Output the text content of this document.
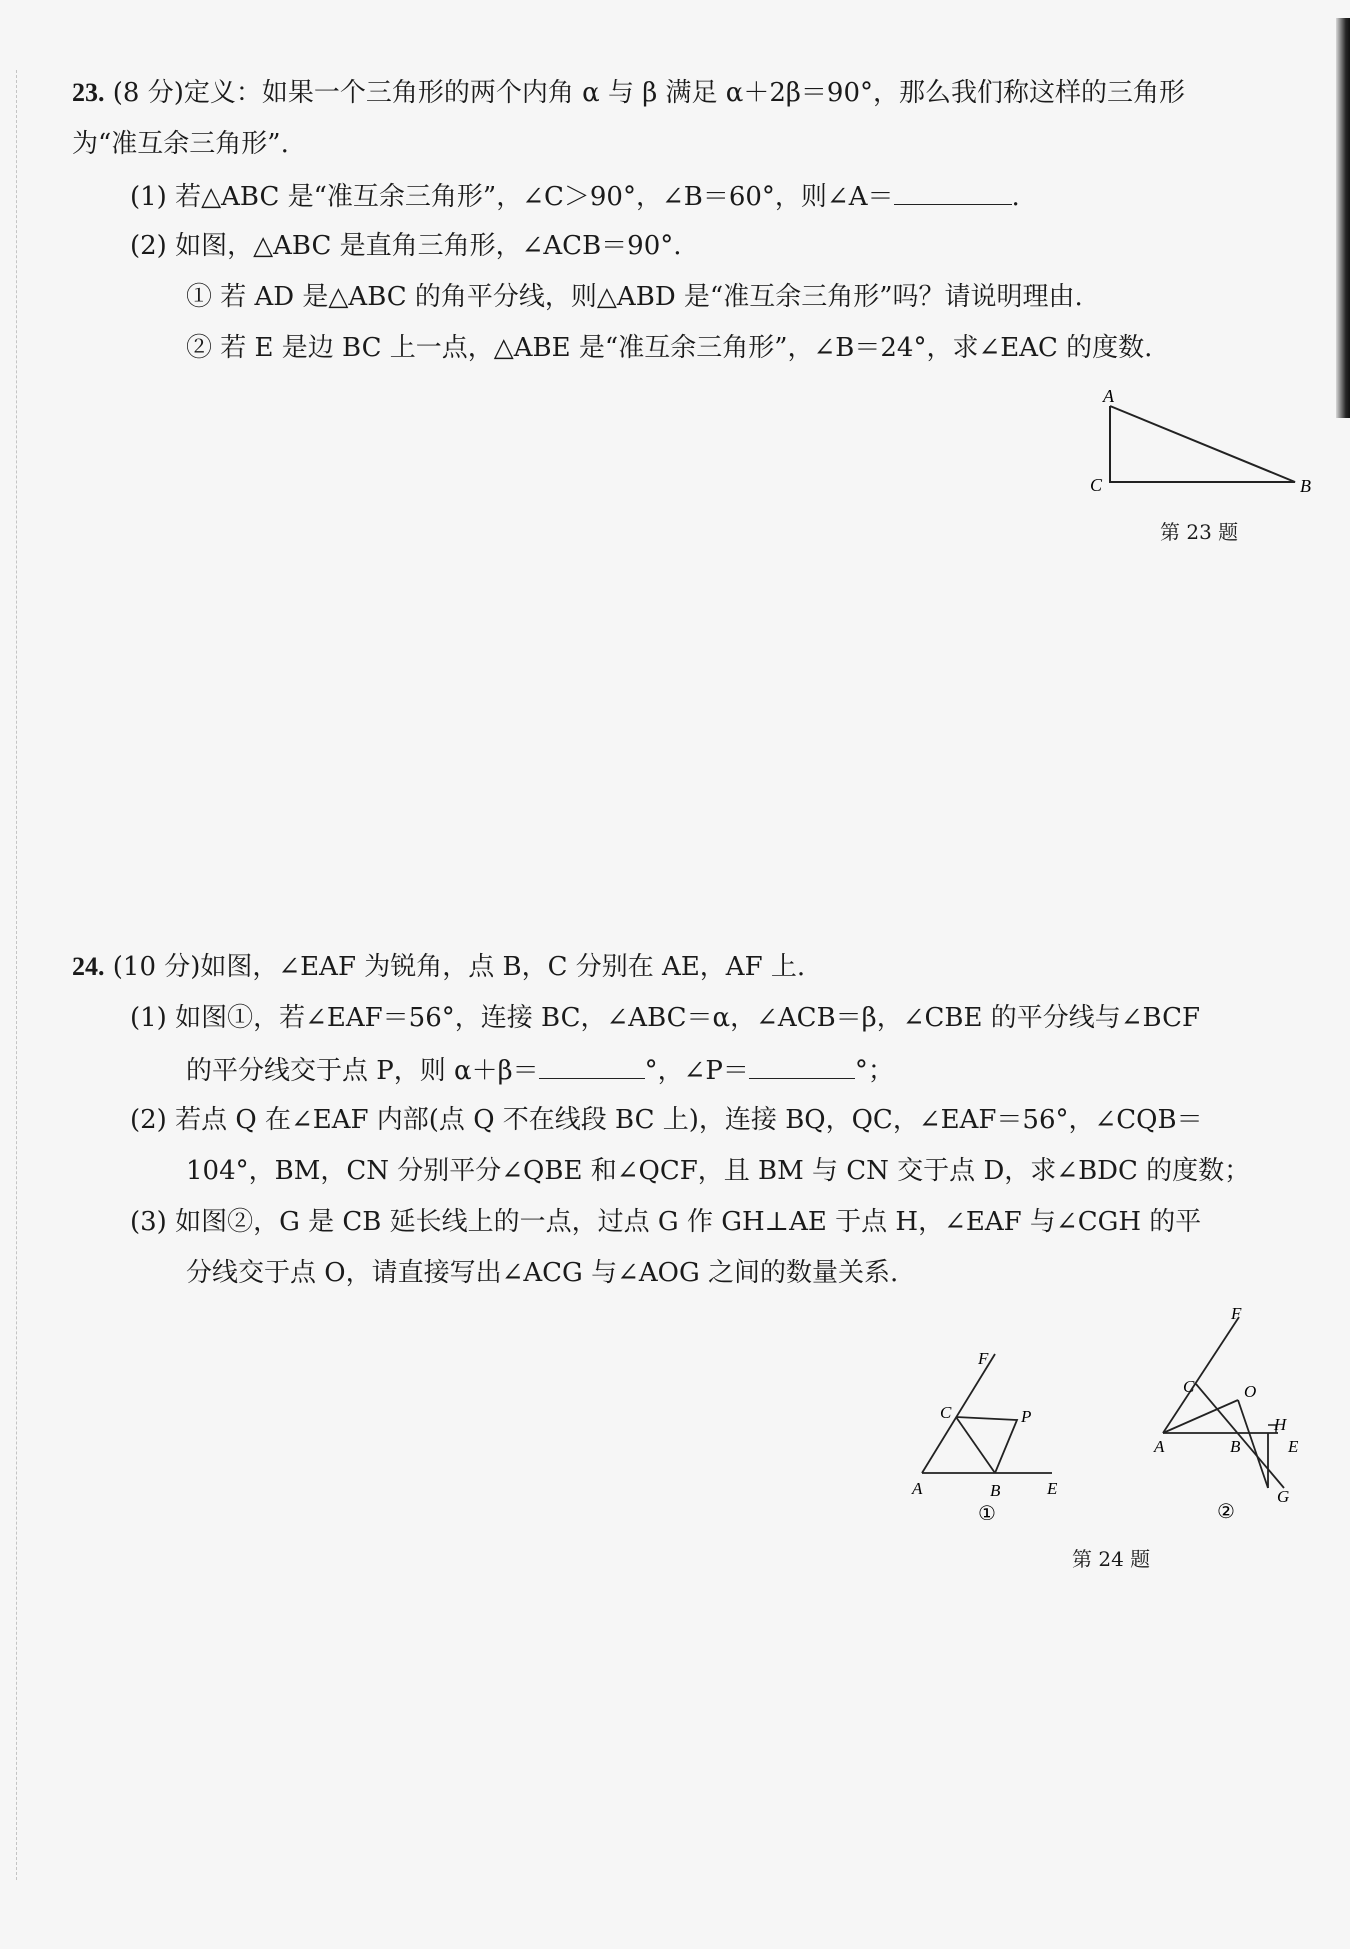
23. (8 分)定义：如果一个三角形的两个内角 α 与 β 满足 α＋2β＝90°，那么我们称这样的三角形
为“准互余三角形”.
(1) 若△ABC 是“准互余三角形”，∠C＞90°，∠B＝60°，则∠A＝	.
(2) 如图，△ABC 是直角三角形，∠ACB＝90°.
① 若 AD 是△ABC 的角平分线，则△ABD 是“准互余三角形”吗？请说明理由.
② 若 E 是边 BC 上一点，△ABE 是“准互余三角形”，∠B＝24°，求∠EAC 的度数.
A
C	B
第 23 题
24. (10 分)如图，∠EAF 为锐角，点 B，C 分别在 AE，AF 上.
(1) 如图①，若∠EAF＝56°，连接 BC，∠ABC＝α，∠ACB＝β，∠CBE 的平分线与∠BCF
的平分线交于点 P，则 α＋β＝	°，∠P＝	°；
(2) 若点 Q 在∠EAF 内部(点 Q 不在线段 BC 上)，连接 BQ，QC，∠EAF＝56°，∠CQB＝
104°，BM，CN 分别平分∠QBE 和∠QCF，且 BM 与 CN 交于点 D，求∠BDC 的度数；
(3) 如图②，G 是 CB 延长线上的一点，过点 G 作 GH⊥AE 于点 H，∠EAF 与∠CGH 的平
分线交于点 O，请直接写出∠ACG 与∠AOG 之间的数量关系.
F
C	P
A	B	E
①
F
C	O
H
A	B	E
G
②
第 24 题
